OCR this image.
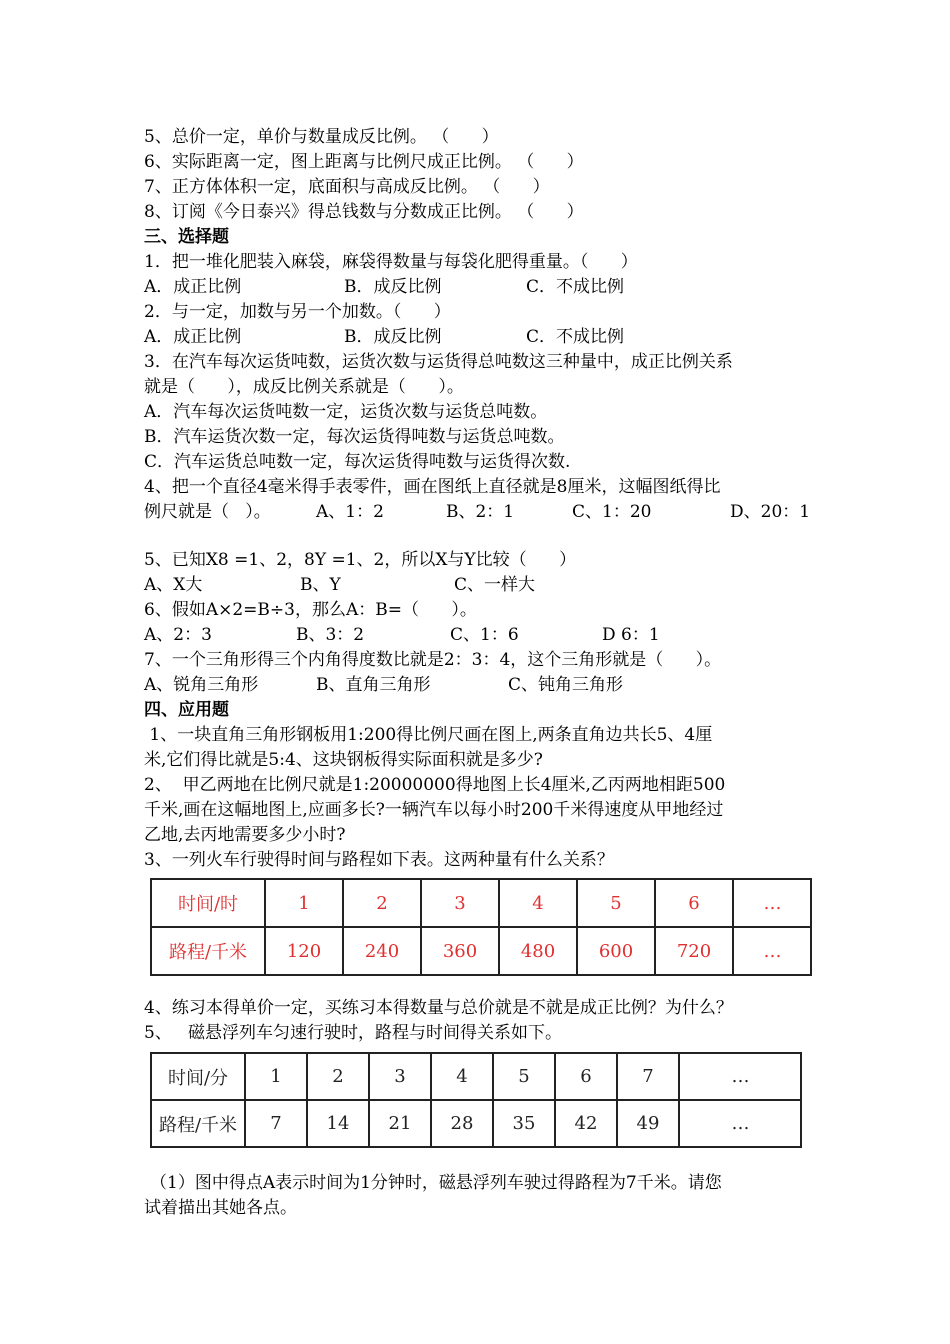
5、总价一定，单价与数量成反比例。 （      ）
6、实际距离一定，图上距离与比例尺成正比例。 （      ）
7、正方体体积一定，底面积与高成反比例。 （      ）
8、订阅《今日泰兴》得总钱数与分数成正比例。 （      ）
三、选择题
1．把一堆化肥装入麻袋，麻袋得数量与每袋化肥得重量。（      ）
A．成正比例	B．成反比例	C．不成比例
2．与一定，加数与另一个加数。（      ）
A．成正比例	B．成反比例	C．不成比例
3．在汽车每次运货吨数，运货次数与运货得总吨数这三种量中，成正比例关系
就是（      ），成反比例关系就是（      ）。
A．汽车每次运货吨数一定，运货次数与运货总吨数。
B．汽车运货次数一定，每次运货得吨数与运货总吨数。
C．汽车运货总吨数一定，每次运货得吨数与运货得次数.
4、把一个直径4毫米得手表零件，画在图纸上直径就是8厘米，这幅图纸得比
例尺就是（   ）。	A、1：2	B、2：1	C、1：20	D、20：1
5、已知X8 =1、2，8Y =1、2，所以X与Y比较（      ）
A、X大	B、Y	C、一样大
6、假如A×2=B÷3，那么A：B=（      ）。
A、2：3	B、3：2	C、1：6	D 6：1
7、一个三角形得三个内角得度数比就是2：3：4，这个三角形就是（      ）。
A、锐角三角形	B、直角三角形	C、钝角三角形
四、应用题
1、一块直角三角形钢板用1:200得比例尺画在图上,两条直角边共长5、4厘
米,它们得比就是5:4、这块钢板得实际面积就是多少?
2、  甲乙两地在比例尺就是1:20000000得地图上长4厘米,乙丙两地相距500
千米,画在这幅地图上,应画多长?一辆汽车以每小时200千米得速度从甲地经过
乙地,去丙地需要多少小时?
3、一列火车行驶得时间与路程如下表。这两种量有什么关系？
时间/时	1	2	3	4	5	6	…
路程/千米	120	240	360	480	600	720	…
4、练习本得单价一定，买练习本得数量与总价就是不就是成正比例？为什么？
5、   磁悬浮列车匀速行驶时，路程与时间得关系如下。
时间/分	1	2	3	4	5	6	7	…
路程/千米	7	14	21	28	35	42	49	…
（1）图中得点A表示时间为1分钟时，磁悬浮列车驶过得路程为7千米。请您
试着描出其她各点。
